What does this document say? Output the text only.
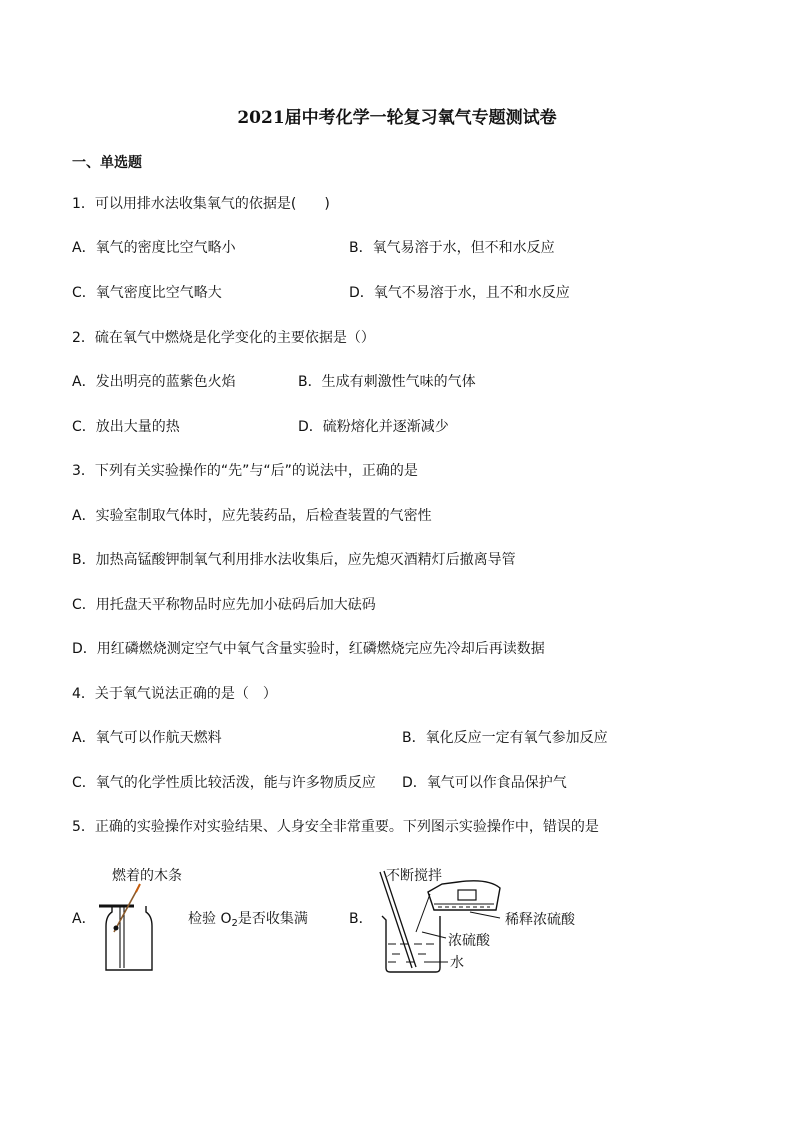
2021届中考化学一轮复习氧气专题测试卷
一、单选题
1．可以用排水法收集氧气的依据是(　　)
A．氧气的密度比空气略小	B．氧气易溶于水，但不和水反应
C．氧气密度比空气略大	D．氧气不易溶于水，且不和水反应
2．硫在氧气中燃烧是化学变化的主要依据是（）
A．发出明亮的蓝紫色火焰	B．生成有刺激性气味的气体
C．放出大量的热	D．硫粉熔化并逐渐减少
3．下列有关实验操作的“先”与“后”的说法中，正确的是
A．实验室制取气体时，应先装药品，后检查装置的气密性
B．加热高锰酸钾制氧气利用排水法收集后，应先熄灭酒精灯后撤离导管
C．用托盘天平称物品时应先加小砝码后加大砝码
D．用红磷燃烧测定空气中氧气含量实验时，红磷燃烧完应先冷却后再读数据
4．关于氧气说法正确的是（　）
A．氧气可以作航天燃料	B．氧化反应一定有氧气参加反应
C．氧气的化学性质比较活泼，能与许多物质反应 D．氧气可以作食品保护气
5．正确的实验操作对实验结果、人身安全非常重要。下列图示实验操作中，错误的是
A．
燃着的木条
检验 $O_2$是否收集满	B．
不断搅拌
稀释浓硫酸
浓硫酸
水
